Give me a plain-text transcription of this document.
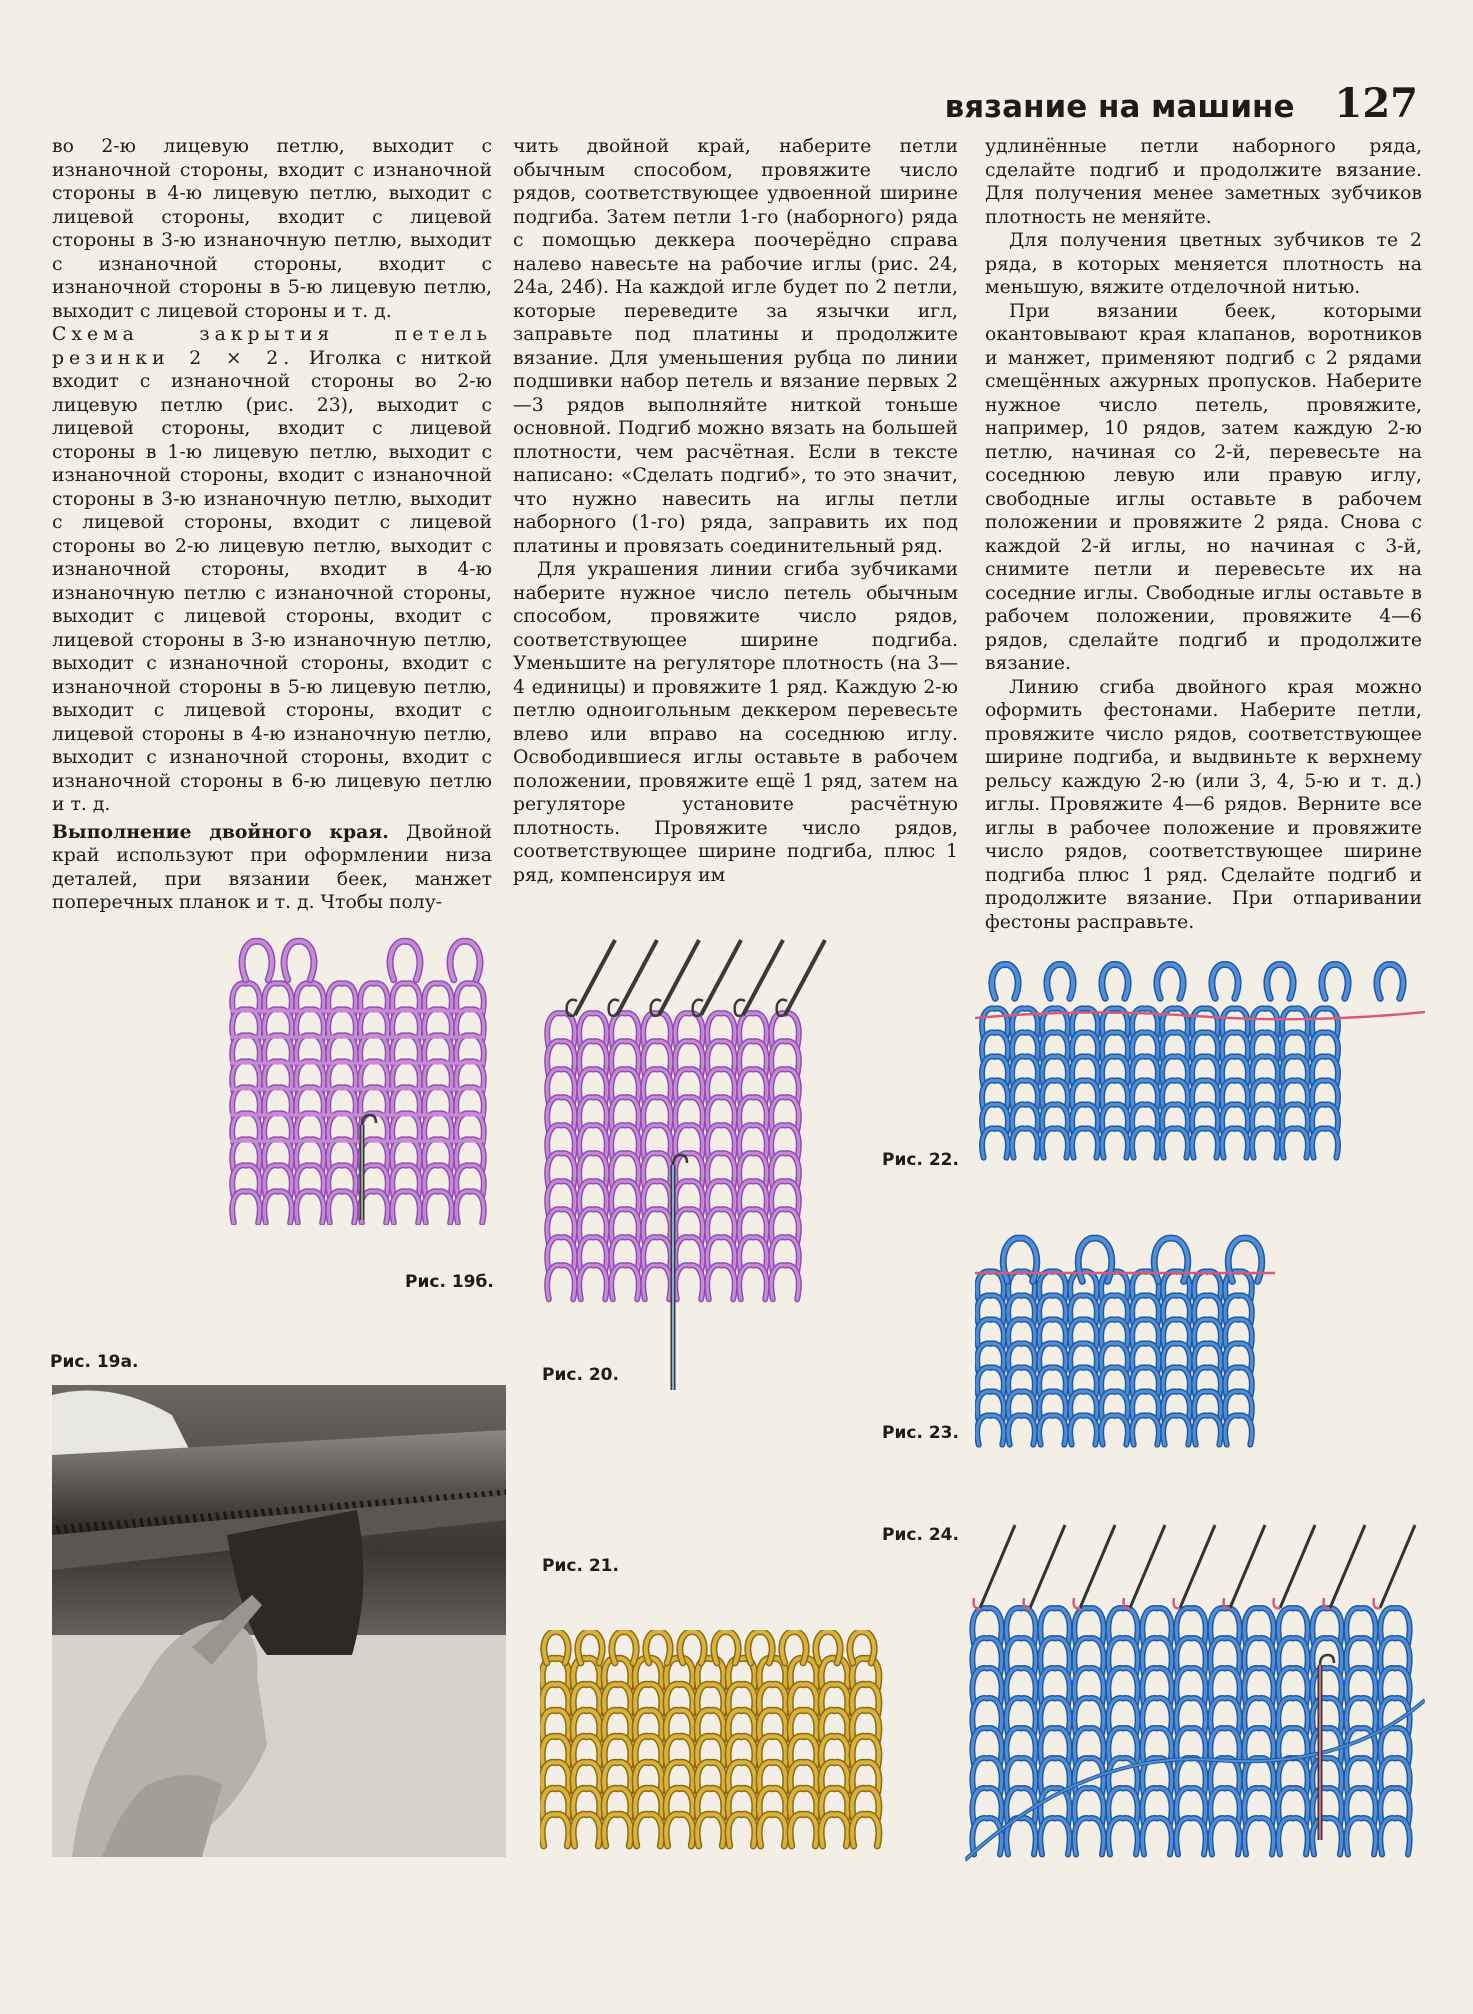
вязание на машине 127

во 2-ю лицевую петлю, выходит с изнаночной стороны, входит с изнаночной стороны в 4-ю лицевую петлю, выходит с лицевой стороны, входит с лицевой стороны в 3-ю изнаночную петлю, выходит с изнаночной стороны, входит с изнаночной стороны в 5-ю лицевую петлю, выходит с лицевой стороны и т. д.

Схема закрытия петель резинки 2 × 2. Иголка с ниткой входит с изнаночной стороны во 2-ю лицевую петлю (рис. 23), выходит с лицевой стороны, входит с лицевой стороны в 1-ю лицевую петлю, выходит с изнаночной стороны, входит с изнаночной стороны в 3-ю изнаночную петлю, выходит с лицевой стороны, входит с лицевой стороны во 2-ю лицевую петлю, выходит с изнаночной стороны, входит в 4-ю изнаночную петлю с изнаночной стороны, выходит с лицевой стороны, входит с лицевой стороны в 3-ю изнаночную петлю, выходит с изнаночной стороны, входит с изнаночной стороны в 5-ю лицевую петлю, выходит с лицевой стороны, входит с лицевой стороны в 4-ю изнаночную петлю, выходит с изнаночной стороны, входит с изнаночной стороны в 6-ю лицевую петлю и т. д.

Выполнение двойного края. Двойной край используют при оформлении низа деталей, при вязании беек, манжет поперечных планок и т. д. Чтобы полу-

чить двойной край, наберите петли обычным способом, провяжите число рядов, соответствующее удвоенной ширине подгиба. Затем петли 1-го (наборного) ряда с помощью деккера поочерёдно справа налево навесьте на рабочие иглы (рис. 24, 24а, 24б). На каждой игле будет по 2 петли, которые переведите за язычки игл, заправьте под платины и продолжите вязание. Для уменьшения рубца по линии подшивки набор петель и вязание первых 2—3 рядов выполняйте ниткой тоньше основной. Подгиб можно вязать на большей плотности, чем расчётная. Если в тексте написано: «Сделать подгиб», то это значит, что нужно навесить на иглы петли наборного (1-го) ряда, заправить их под платины и провязать соединительный ряд.

Для украшения линии сгиба зубчиками наберите нужное число петель обычным способом, провяжите число рядов, соответствующее ширине подгиба. Уменьшите на регуляторе плотность (на 3—4 единицы) и провяжите 1 ряд. Каждую 2-ю петлю одноигольным деккером перевесьте влево или вправо на соседнюю иглу. Освободившиеся иглы оставьте в рабочем положении, провяжите ещё 1 ряд, затем на регуляторе установите расчётную плотность. Провяжите число рядов, соответствующее ширине подгиба, плюс 1 ряд, компенсируя им

удлинённые петли наборного ряда, сделайте подгиб и продолжите вязание. Для получения менее заметных зубчиков плотность не меняйте.

Для получения цветных зубчиков те 2 ряда, в которых меняется плотность на меньшую, вяжите отделочной нитью.

При вязании беек, которыми окантовывают края клапанов, воротников и манжет, применяют подгиб с 2 рядами смещённых ажурных пропусков. Наберите нужное число петель, провяжите, например, 10 рядов, затем каждую 2-ю петлю, начиная со 2-й, перевесьте на соседнюю левую или правую иглу, свободные иглы оставьте в рабочем положении и провяжите 2 ряда. Снова с каждой 2-й иглы, но начиная с 3-й, снимите петли и перевесьте их на соседние иглы. Свободные иглы оставьте в рабочем положении, провяжите 4—6 рядов, сделайте подгиб и продолжите вязание.

Линию сгиба двойного края можно оформить фестонами. Наберите петли, провяжите число рядов, соответствующее ширине подгиба, и выдвиньте к верхнему рельсу каждую 2-ю (или 3, 4, 5-ю и т. д.) иглы. Провяжите 4—6 рядов. Верните все иглы в рабочее положение и провяжите число рядов, соответствующее ширине подгиба плюс 1 ряд. Сделайте подгиб и продолжите вязание. При отпаривании фестоны расправьте.

Рис. 19б.
Рис. 19а.
Рис. 20.
Рис. 21.
Рис. 22.
Рис. 23.
Рис. 24.
